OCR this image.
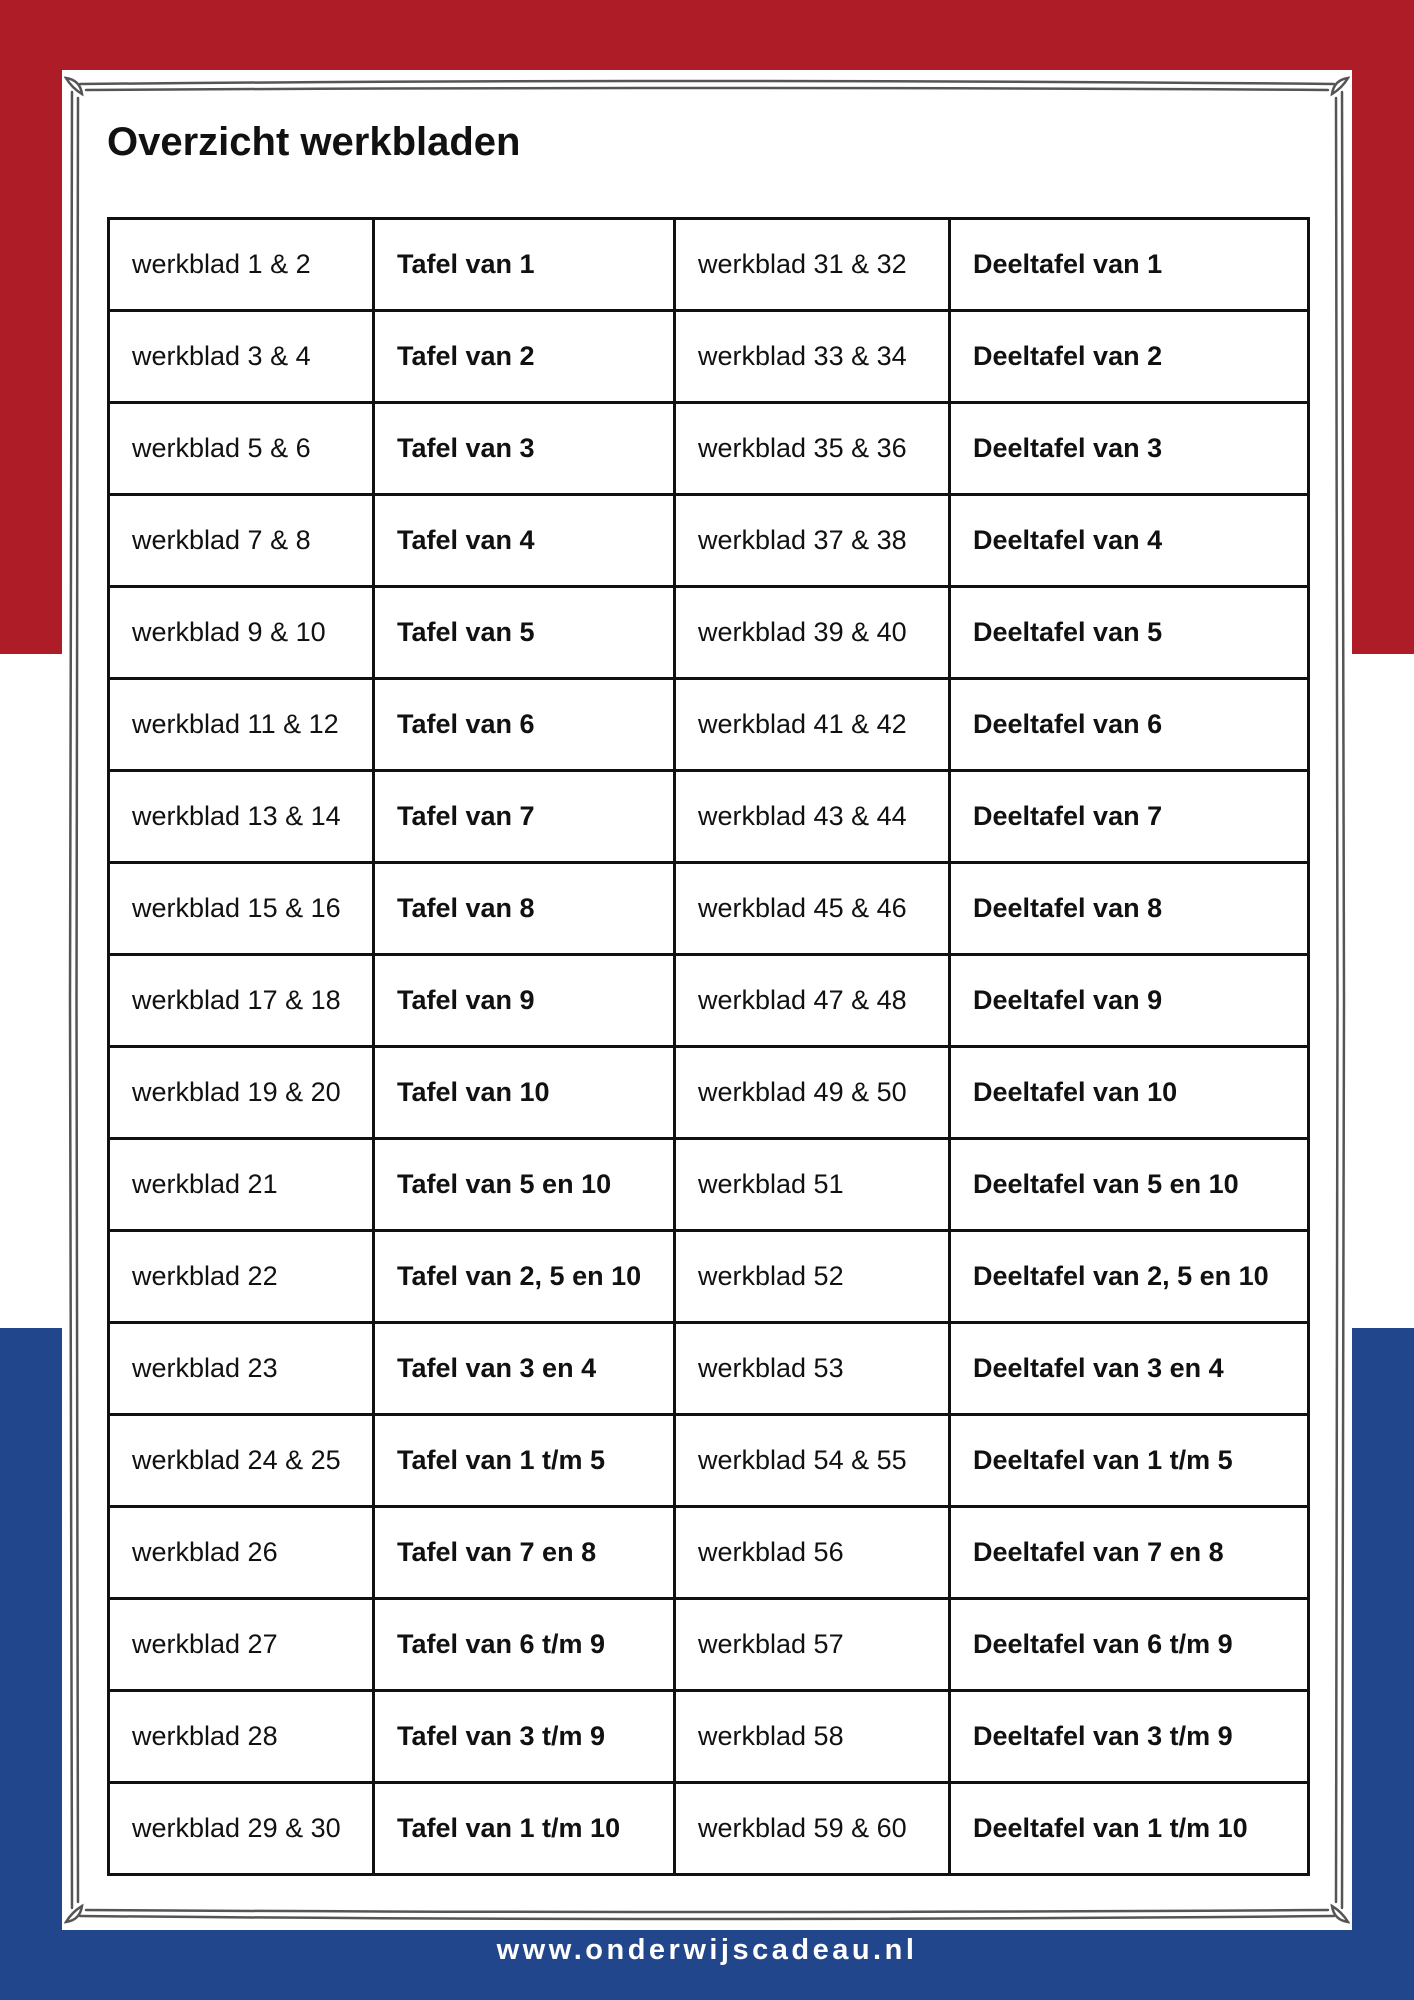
Overzicht werkbladen
werkblad 1 & 2	Tafel van 1	werkblad 31 & 32	Deeltafel van 1
werkblad 3 & 4	Tafel van 2	werkblad 33 & 34	Deeltafel van 2
werkblad 5 & 6	Tafel van 3	werkblad 35 & 36	Deeltafel van 3
werkblad 7 & 8	Tafel van 4	werkblad 37 & 38	Deeltafel van 4
werkblad 9 & 10	Tafel van 5	werkblad 39 & 40	Deeltafel van 5
werkblad 11 & 12	Tafel van 6	werkblad 41 & 42	Deeltafel van 6
werkblad 13 & 14	Tafel van 7	werkblad 43 & 44	Deeltafel van 7
werkblad 15 & 16	Tafel van 8	werkblad 45 & 46	Deeltafel van 8
werkblad 17 & 18	Tafel van 9	werkblad 47 & 48	Deeltafel van 9
werkblad 19 & 20	Tafel van 10	werkblad 49 & 50	Deeltafel van 10
werkblad 21	Tafel van 5 en 10	werkblad 51	Deeltafel van 5 en 10
werkblad 22	Tafel van 2, 5 en 10	werkblad 52	Deeltafel van 2, 5 en 10
werkblad 23	Tafel van 3 en 4	werkblad 53	Deeltafel van 3 en 4
werkblad 24 & 25	Tafel van 1 t/m 5	werkblad 54 & 55	Deeltafel van 1 t/m 5
werkblad 26	Tafel van 7 en 8	werkblad 56	Deeltafel van 7 en 8
werkblad 27	Tafel van 6 t/m 9	werkblad 57	Deeltafel van 6 t/m 9
werkblad 28	Tafel van 3 t/m 9	werkblad 58	Deeltafel van 3 t/m 9
werkblad 29 & 30	Tafel van 1 t/m 10	werkblad 59 & 60	Deeltafel van 1 t/m 10
www.onderwijscadeau.nl
